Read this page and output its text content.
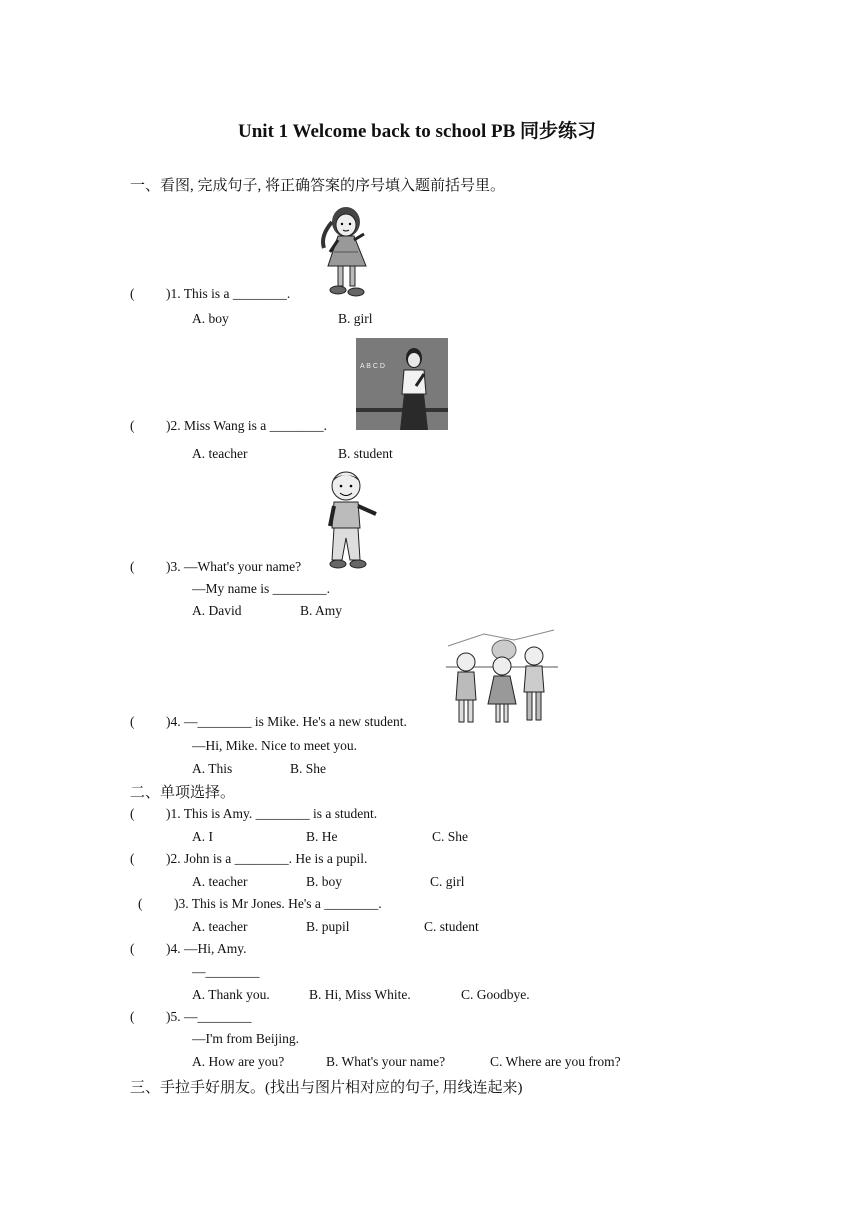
Unit 1 Welcome back to school PB 同步练习
一、看图, 完成句子, 将正确答案的序号填入题前括号里。
( )1. This is a ________.
A. boy	B. girl
A B C D
( )2. Miss Wang is a ________.
A. teacher	B. student
( )3. —What's your name?
—My name is ________.
A. David	B. Amy
( )4. —________ is Mike. He's a new student.
—Hi, Mike. Nice to meet you.
A. This	B. She
二、单项选择。
( )1. This is Amy. ________ is a student.
A. I	B. He	C. She
( )2. John is a ________. He is a pupil.
A. teacher	B. boy	C. girl
( )3. This is Mr Jones. He's a ________.
A. teacher	B. pupil	C. student
( )4. —Hi, Amy.
—________
A. Thank you.	B. Hi, Miss White.	C. Goodbye.
( )5. —________
—I'm from Beijing.
A. How are you?	B. What's your name?	C. Where are you from?
三、手拉手好朋友。(找出与图片相对应的句子, 用线连起来)
